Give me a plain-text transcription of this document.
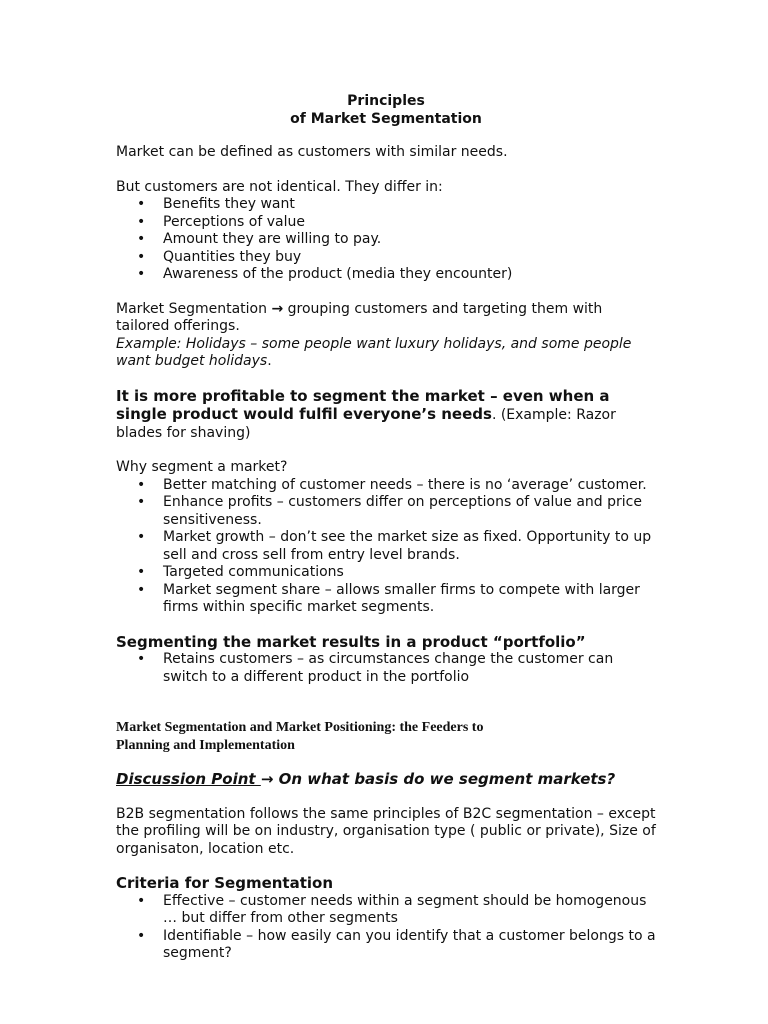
Principles

of Market Segmentation

Market can be defined as customers with similar needs.

But customers are not identical. They differ in:

• Benefits they want
• Perceptions of value
• Amount they are willing to pay.
• Quantities they buy
• Awareness of the product (media they encounter)

Market Segmentation → grouping customers and targeting them with tailored offerings.

Example: Holidays – some people want luxury holidays, and some people want budget holidays.

It is more profitable to segment the market – even when a single product would fulfil everyone’s needs. (Example: Razor blades for shaving)

Why segment a market?

• Better matching of customer needs – there is no ‘average’ customer.
• Enhance profits – customers differ on perceptions of value and price sensitiveness.
• Market growth – don’t see the market size as fixed. Opportunity to up sell and cross sell from entry level brands.
• Targeted communications
• Market segment share – allows smaller firms to compete with larger firms within specific market segments.

Segmenting the market results in a product “portfolio”

• Retains customers – as circumstances change the customer can switch to a different product in the portfolio

Market Segmentation and Market Positioning: the Feeders to Planning and Implementation

Discussion Point → On what basis do we segment markets?

B2B segmentation follows the same principles of B2C segmentation – except the profiling will be on industry, organisation type ( public or private), Size of organisaton, location etc.

Criteria for Segmentation

• Effective – customer needs within a segment should be homogenous … but differ from other segments
• Identifiable – how easily can you identify that a customer belongs to a segment?
